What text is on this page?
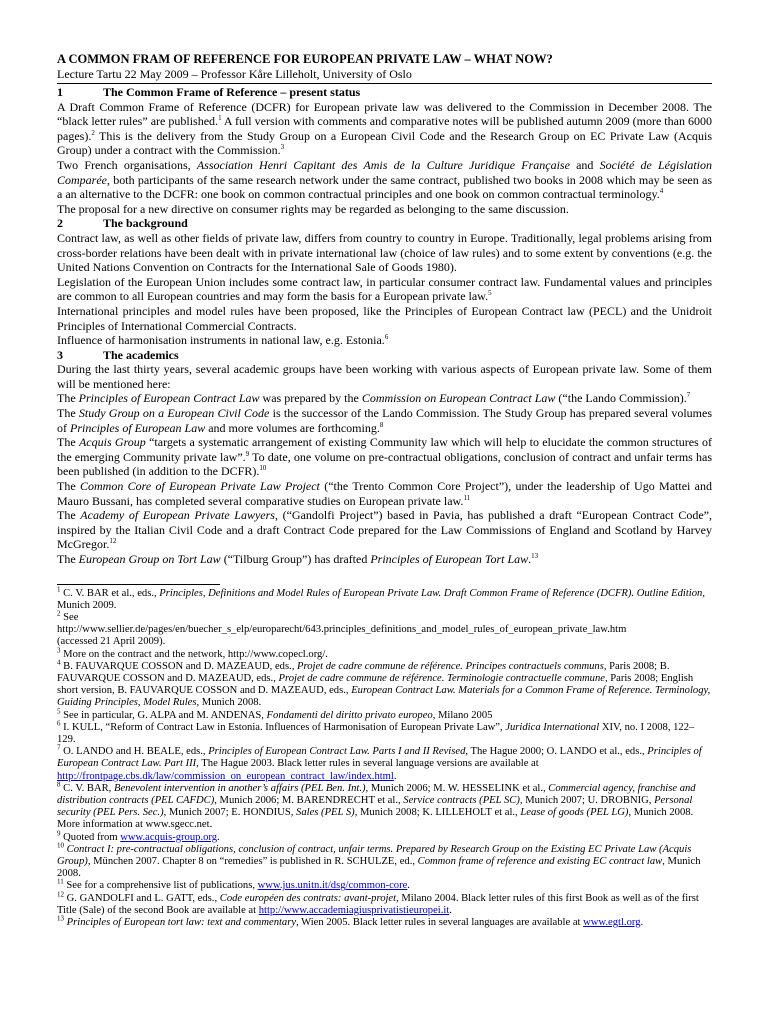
A COMMON FRAM OF REFERENCE FOR EUROPEAN PRIVATE LAW – WHAT NOW?
Lecture Tartu 22 May 2009 – Professor Kåre Lilleholt, University of Oslo
1	The Common Frame of Reference – present status

A Draft Common Frame of Reference (DCFR) for European private law was delivered to the Commission in December 2008. The “black letter rules” are published.$^1$ A full version with comments and comparative notes will be published autumn 2009 (more than 6000 pages).$^2$ This is the delivery from the Study Group on a European Civil Code and the Research Group on EC Private Law (Acquis Group) under a contract with the Commission.$^3$

Two French organisations, Association Henri Capitant des Amis de la Culture Juridique Française and Société de Législation Comparée, both participants of the same research network under the same contract, published two books in 2008 which may be seen as a an alternative to the DCFR: one book on common contractual principles and one book on common contractual terminology.$^4$

The proposal for a new directive on consumer rights may be regarded as belonging to the same discussion.

2	The background

Contract law, as well as other fields of private law, differs from country to country in Europe. Traditionally, legal problems arising from cross-border relations have been dealt with in private international law (choice of law rules) and to some extent by conventions (e.g. the United Nations Convention on Contracts for the International Sale of Goods 1980).

Legislation of the European Union includes some contract law, in particular consumer contract law. Fundamental values and principles are common to all European countries and may form the basis for a European private law.$^5$

International principles and model rules have been proposed, like the Principles of European Contract law (PECL) and the Unidroit Principles of International Commercial Contracts.

Influence of harmonisation instruments in national law, e.g. Estonia.$^6$

3	The academics

During the last thirty years, several academic groups have been working with various aspects of European private law. Some of them will be mentioned here:

The Principles of European Contract Law was prepared by the Commission on European Contract Law (“the Lando Commission).$^7$

The Study Group on a European Civil Code is the successor of the Lando Commission. The Study Group has prepared several volumes of Principles of European Law and more volumes are forthcoming.$^8$

The Acquis Group “targets a systematic arrangement of existing Community law which will help to elucidate the common structures of the emerging Community private law”.$^9$ To date, one volume on pre-contractual obligations, conclusion of contract and unfair terms has been published (in addition to the DCFR).$^{10}$

The Common Core of European Private Law Project (“the Trento Common Core Project”), under the leadership of Ugo Mattei and Mauro Bussani, has completed several comparative studies on European private law.$^{11}$

The Academy of European Private Lawyers, (“Gandolfi Project”) based in Pavia, has published a draft “European Contract Code”, inspired by the Italian Civil Code and a draft Contract Code prepared for the Law Commissions of England and Scotland by Harvey McGregor.$^{12}$

The European Group on Tort Law (“Tilburg Group”) has drafted Principles of European Tort Law.$^{13}$

$^1$ C. V. BAR et al., eds., Principles, Definitions and Model Rules of European Private Law. Draft Common Frame of Reference (DCFR). Outline Edition, Munich 2009.

$^2$ See
http://www.sellier.de/pages/en/buecher_s_elp/europarecht/643.principles_definitions_and_model_rules_of_european_private_law.htm
(accessed 21 April 2009).

$^3$ More on the contract and the network, http://www.copecl.org/.

$^4$ B. FAUVARQUE COSSON and D. MAZEAUD, eds., Projet de cadre commune de référence. Principes contractuels communs, Paris 2008; B. FAUVARQUE COSSON and D. MAZEAUD, eds., Projet de cadre commune de référence. Terminologie contractuelle commune, Paris 2008; English short version, B. FAUVARQUE COSSON and D. MAZEAUD, eds., European Contract Law. Materials for a Common Frame of Reference. Terminology, Guiding Principles, Model Rules, Munich 2008.

$^5$ See in particular, G. ALPA and M. ANDENAS, Fondamenti del diritto privato europeo, Milano 2005

$^6$ I. KULL, “Reform of Contract Law in Estonia. Influences of Harmonisation of European Private Law”, Juridica International XIV, no. I 2008, 122–129.

$^7$ O. LANDO and H. BEALE, eds., Principles of European Contract Law. Parts I and II Revised, The Hague 2000; O. LANDO et al., eds., Principles of European Contract Law. Part III, The Hague 2003. Black letter rules in several language versions are available at http://frontpage.cbs.dk/law/commission_on_european_contract_law/index.html.

$^8$ C. V. BAR, Benevolent intervention in another’s affairs (PEL Ben. Int.), Munich 2006; M. W. HESSELINK et al., Commercial agency, franchise and distribution contracts (PEL CAFDC), Munich 2006; M. BARENDRECHT et al., Service contracts (PEL SC), Munich 2007; U. DROBNIG, Personal security (PEL Pers. Sec.), Munich 2007; E. HONDIUS, Sales (PEL S), Munich 2008; K. LILLEHOLT et al., Lease of goods (PEL LG), Munich 2008. More information at www.sgecc.net.

$^9$ Quoted from www.acquis-group.org.

$^{10}$ Contract I: pre-contractual obligations, conclusion of contract, unfair terms. Prepared by Research Group on the Existing EC Private Law (Acquis Group), München 2007. Chapter 8 on “remedies” is published in R. SCHULZE, ed., Common frame of reference and existing EC contract law, Munich 2008.

$^{11}$ See for a comprehensive list of publications, www.jus.unitn.it/dsg/common-core.

$^{12}$ G. GANDOLFI and L. GATT, eds., Code européen des contrats: avant-projet, Milano 2004. Black letter rules of this first Book as well as of the first Title (Sale) of the second Book are available at http://www.accademiagiusprivatistieuropei.it.

$^{13}$ Principles of European tort law: text and commentary, Wien 2005. Black letter rules in several languages are available at www.egtl.org.
